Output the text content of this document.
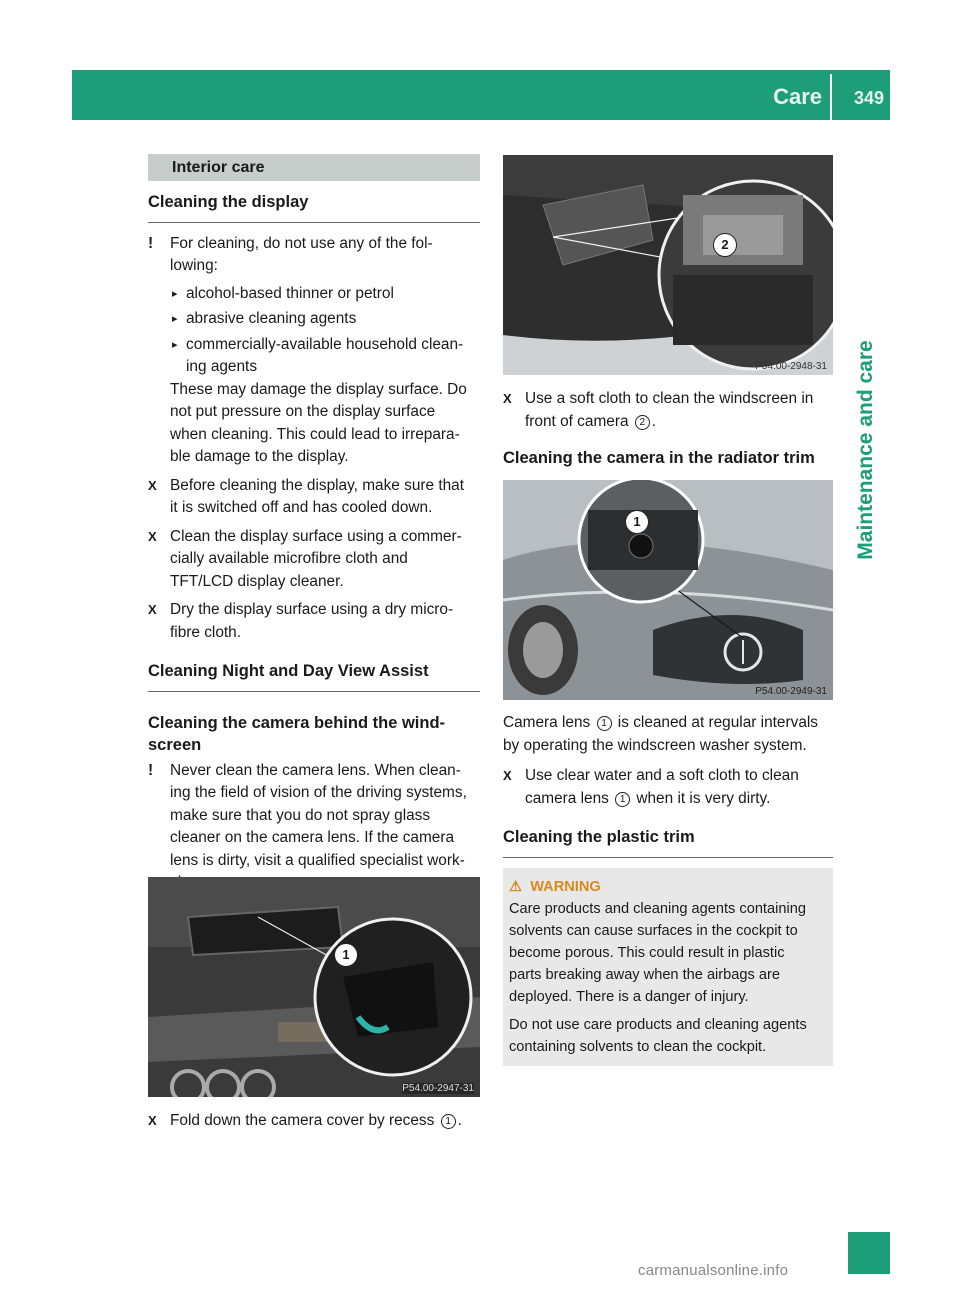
Care 349
Maintenance and care
Interior care
Cleaning the display
! For cleaning, do not use any of the fol-
lowing:
▸ alcohol-based thinner or petrol
▸ abrasive cleaning agents
▸ commercially-available household clean-
ing agents
These may damage the display surface. Do
not put pressure on the display surface
when cleaning. This could lead to irrepara-
ble damage to the display.
X Before cleaning the display, make sure that
it is switched off and has cooled down.
X Clean the display surface using a commer-
cially available microfibre cloth and
TFT/LCD display cleaner.
X Dry the display surface using a dry micro-
fibre cloth.
Cleaning Night and Day View Assist
Cleaning the camera behind the wind-
screen
! Never clean the camera lens. When clean-
ing the field of vision of the driving systems,
make sure that you do not spray glass
cleaner on the camera lens. If the camera
lens is dirty, visit a qualified specialist work-
1
P54.00-2947-31
X Fold down the camera cover by recess 1 .
2
P54.00-2948-31
X Use a soft cloth to clean the windscreen in
front of camera 2 .
Cleaning the camera in the radiator trim
1
P54.00-2949-31
Camera lens 1 is cleaned at regular intervals
by operating the windscreen washer system.
X Use clear water and a soft cloth to clean
camera lens 1 when it is very dirty.
Cleaning the plastic trim
⚠ WARNING
Care products and cleaning agents containing
solvents can cause surfaces in the cockpit to
become porous. This could result in plastic
parts breaking away when the airbags are
deployed. There is a danger of injury.
Do not use care products and cleaning agents
containing solvents to clean the cockpit.
carmanualsonline.info
